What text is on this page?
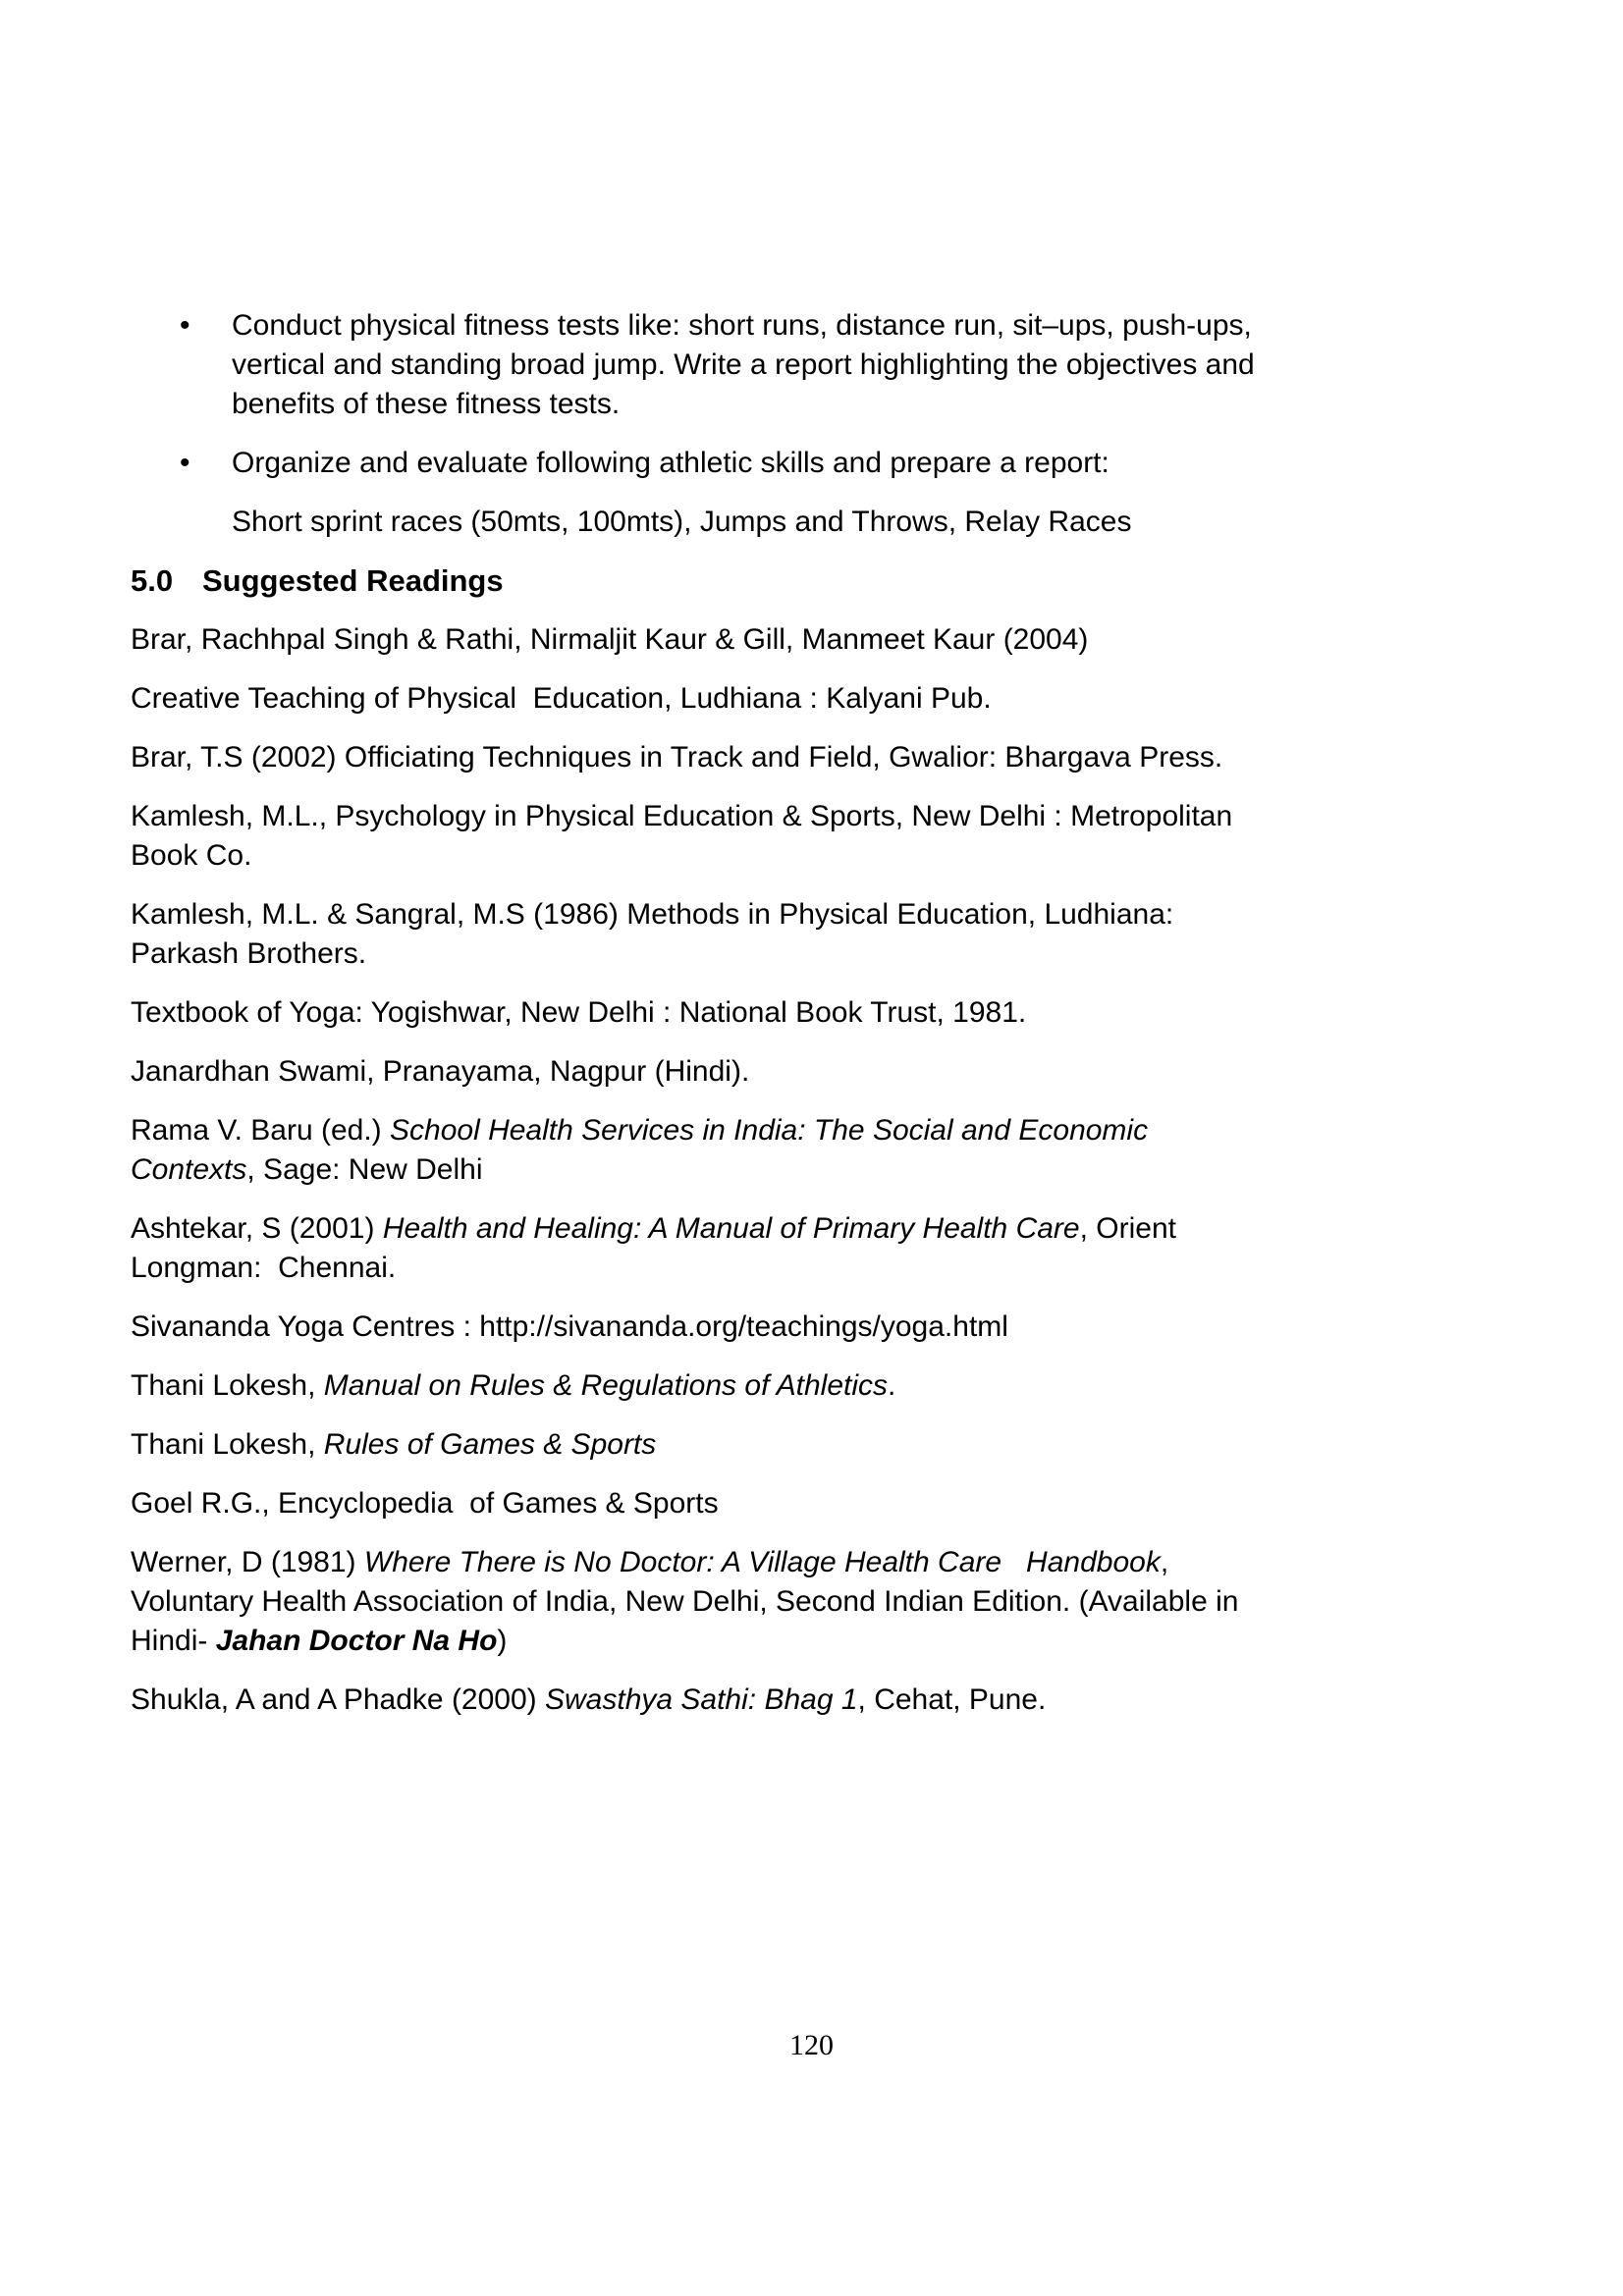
• Conduct physical fitness tests like: short runs, distance run, sit–ups, push-ups,
vertical and standing broad jump. Write a report highlighting the objectives and
benefits of these fitness tests.
• Organize and evaluate following athletic skills and prepare a report:
Short sprint races (50mts, 100mts), Jumps and Throws, Relay Races
5.0 Suggested Readings
Brar, Rachhpal Singh & Rathi, Nirmaljit Kaur & Gill, Manmeet Kaur (2004)
Creative Teaching of Physical  Education, Ludhiana : Kalyani Pub.
Brar, T.S (2002) Officiating Techniques in Track and Field, Gwalior: Bhargava Press.
Kamlesh, M.L., Psychology in Physical Education & Sports, New Delhi : Metropolitan
Book Co.
Kamlesh, M.L. & Sangral, M.S (1986) Methods in Physical Education, Ludhiana:
Parkash Brothers.
Textbook of Yoga: Yogishwar, New Delhi : National Book Trust, 1981.
Janardhan Swami, Pranayama, Nagpur (Hindi).
Rama V. Baru (ed.) School Health Services in India: The Social and Economic
Contexts, Sage: New Delhi
Ashtekar, S (2001) Health and Healing: A Manual of Primary Health Care, Orient
Longman:  Chennai.
Sivananda Yoga Centres : http://sivananda.org/teachings/yoga.html
Thani Lokesh, Manual on Rules & Regulations of Athletics.
Thani Lokesh, Rules of Games & Sports
Goel R.G., Encyclopedia  of Games & Sports
Werner, D (1981) Where There is No Doctor: A Village Health Care   Handbook,
Voluntary Health Association of India, New Delhi, Second Indian Edition. (Available in
Hindi- Jahan Doctor Na Ho)
Shukla, A and A Phadke (2000) Swasthya Sathi: Bhag 1, Cehat, Pune.
120
